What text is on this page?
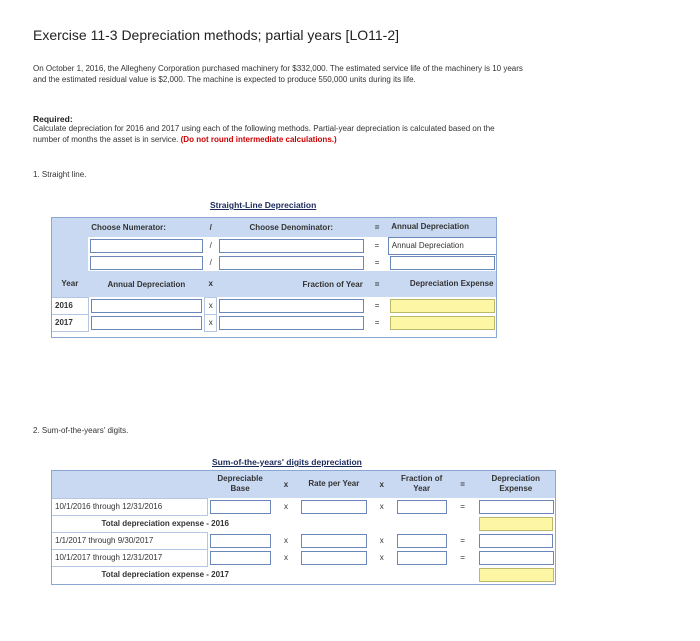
Exercise 11-3 Depreciation methods; partial years [LO11-2]
On October 1, 2016, the Allegheny Corporation purchased machinery for $332,000. The estimated service life of the machinery is 10 years and the estimated residual value is $2,000. The machine is expected to produce 550,000 units during its life.
Required:
Calculate depreciation for 2016 and 2017 using each of the following methods. Partial-year depreciation is calculated based on the number of months the asset is in service. (Do not round intermediate calculations.)
1. Straight line.
Straight-Line Depreciation
	Choose Numerator:	/	Choose Denominator:	=	Annual Depreciation

	/		=	Annual Depreciation

	/		=	

Year	Annual Depreciation	x	Fraction of Year	=	Depreciation Expense
2016		x		=	

2017		x		=	
2. Sum-of-the-years' digits.
Sum-of-the-years' digits depreciation
	Depreciable Base	x	Rate per Year	x	Fraction of Year	=	Depreciation Expense
10/1/2016 through 12/31/2016		x		x		=	

Total depreciation expense - 2016							

1/1/2017 through 9/30/2017		x		x		=	

10/1/2017 through 12/31/2017		x		x		=	

Total depreciation expense - 2017							
